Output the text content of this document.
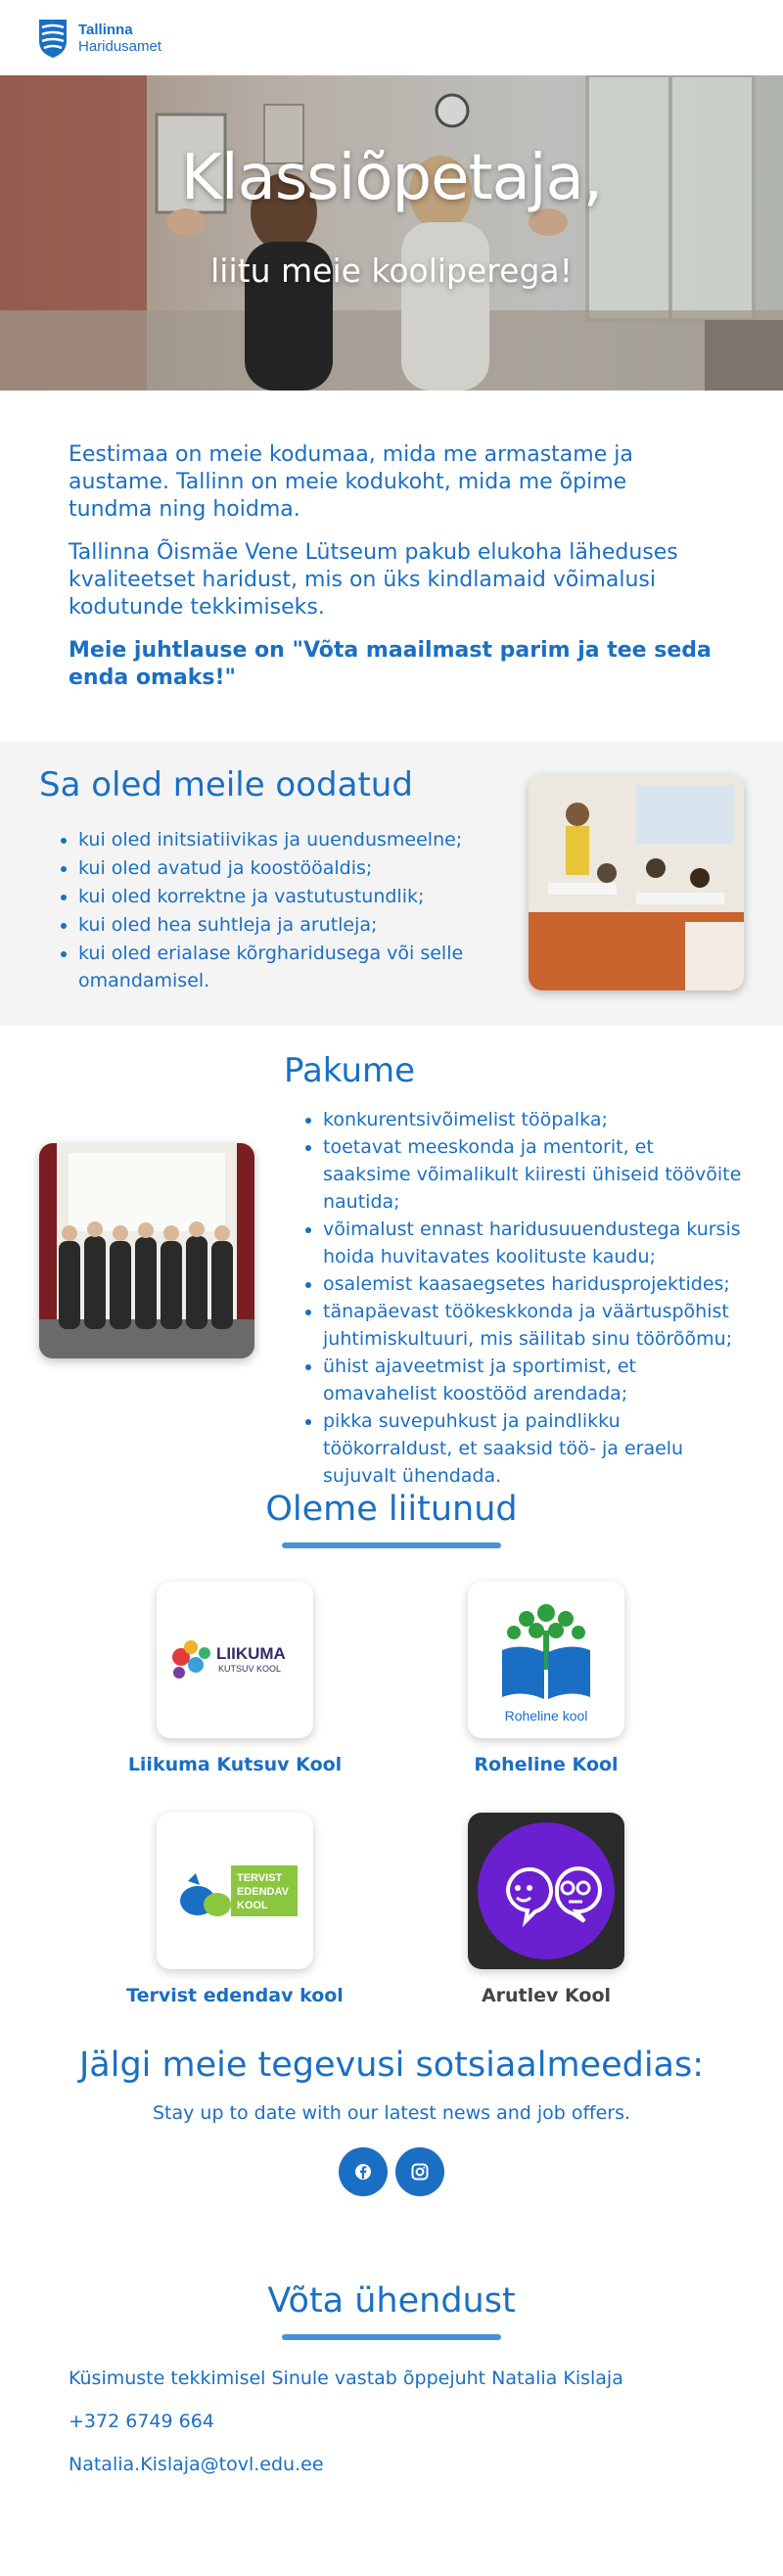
Tallinna
Haridusamet
Klassiõpetaja,
liitu meie kooliperega!

Eestimaa on meie kodumaa, mida me armastame ja austame. Tallinn on meie kodukoht, mida me õpime tundma ning hoidma.

Tallinna Õismäe Vene Lütseum pakub elukoha läheduses kvaliteetset haridust, mis on üks kindlamaid võimalusi kodutunde tekkimiseks.

Meie juhtlause on "Võta maailmast parim ja tee seda enda omaks!"

Sa oled meile oodatud
• kui oled initsiatiivikas ja uuendusmeelne;
• kui oled avatud ja koostööaldis;
• kui oled korrektne ja vastutustundlik;
• kui oled hea suhtleja ja arutleja;
• kui oled erialase kõrgharidusega või selle omandamisel.
Pakume
• konkurentsivõimelist tööpalka;
• toetavat meeskonda ja mentorit, et saaksime võimalikult kiiresti ühiseid töövõite nautida;
• võimalust ennast haridusuuendustega kursis hoida huvitavates koolituste kaudu;
• osalemist kaasaegsetes haridusprojektides;
• tänapäevast töökeskkonda ja väärtuspõhist juhtimiskultuuri, mis säilitab sinu töörõõmu;
• ühist ajaveetmist ja sportimist, et omavahelist koostööd arendada;
• pikka suvepuhkust ja paindlikku töökorraldust, et saaksid töö- ja eraelu sujuvalt ühendada.
Oleme liitunud
LIIKUMA
KUTSUV KOOL
Liikuma Kutsuv Kool
Roheline kool
Roheline Kool
TERVIST
EDENDAV
KOOL
Tervist edendav kool	Arutlev Kool
Jälgi meie tegevusi sotsiaalmeedias:
Stay up to date with our latest news and job offers.
Võta ühendust
Küsimuste tekkimisel Sinule vastab õppejuht Natalia Kislaja
+372 6749 664
Natalia.Kislaja@tovl.edu.ee
